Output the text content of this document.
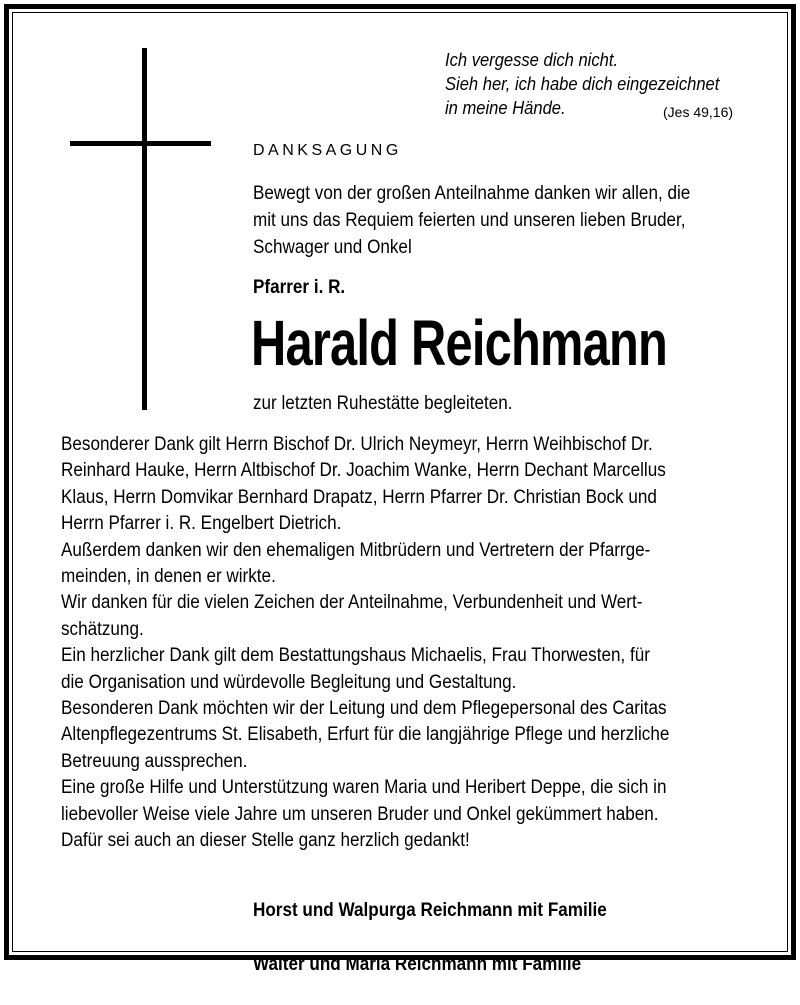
Ich vergesse dich nicht.
Sieh her, ich habe dich eingezeichnet
in meine Hände.	(Jes 49,16)
DANKSAGUNG
Bewegt von der großen Anteilnahme danken wir allen, die
mit uns das Requiem feierten und unseren lieben Bruder,
Schwager und Onkel
Pfarrer i. R.
Harald Reichmann
zur letzten Ruhestätte begleiteten.
Besonderer Dank gilt Herrn Bischof Dr. Ulrich Neymeyr, Herrn Weihbischof Dr.
Reinhard Hauke, Herrn Altbischof Dr. Joachim Wanke, Herrn Dechant Marcellus
Klaus, Herrn Domvikar Bernhard Drapatz, Herrn Pfarrer Dr. Christian Bock und
Herrn Pfarrer i. R. Engelbert Dietrich.
Außerdem danken wir den ehemaligen Mitbrüdern und Vertretern der Pfarrge-
meinden, in denen er wirkte.
Wir danken für die vielen Zeichen der Anteilnahme, Verbundenheit und Wert-
schätzung.
Ein herzlicher Dank gilt dem Bestattungshaus Michaelis, Frau Thorwesten, für
die Organisation und würdevolle Begleitung und Gestaltung.
Besonderen Dank möchten wir der Leitung und dem Pflegepersonal des Caritas
Altenpflegezentrums St. Elisabeth, Erfurt für die langjährige Pflege und herzliche
Betreuung aussprechen.
Eine große Hilfe und Unterstützung waren Maria und Heribert Deppe, die sich in
liebevoller Weise viele Jahre um unseren Bruder und Onkel gekümmert haben.
Dafür sei auch an dieser Stelle ganz herzlich gedankt!

Horst und Walpurga Reichmann mit Familie

Walter und Maria Reichmann mit Familie
